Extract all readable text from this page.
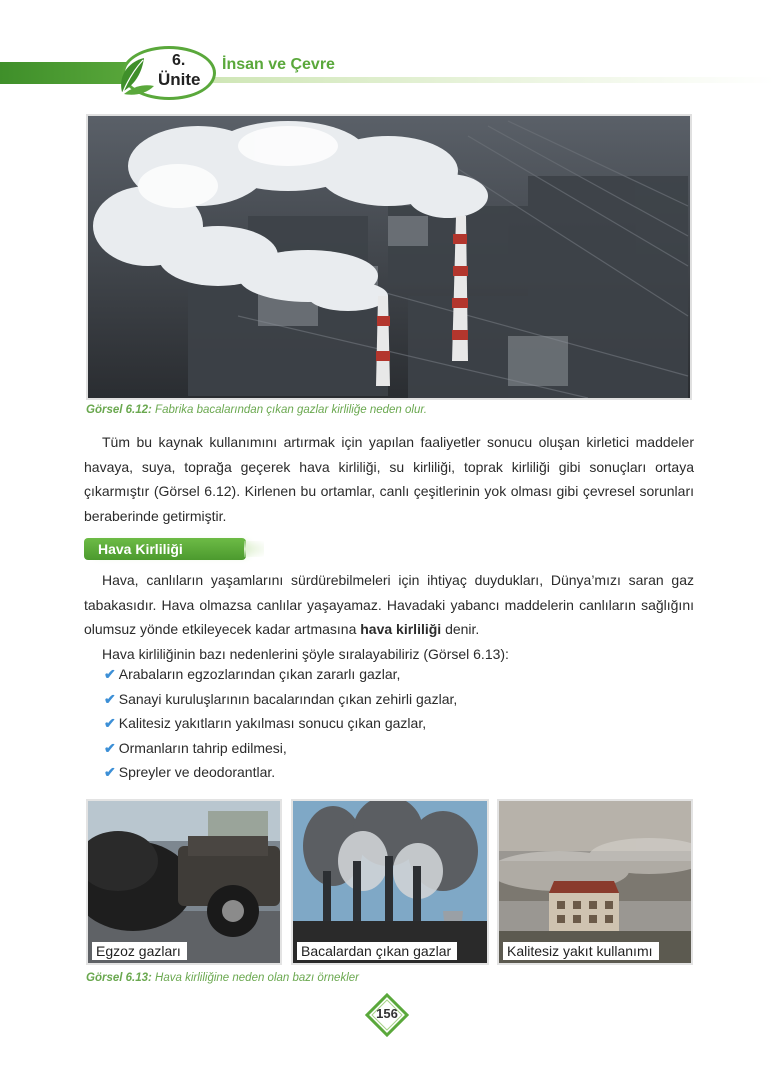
6.
Ünite
İnsan ve Çevre
Görsel 6.12: Fabrika bacalarından çıkan gazlar kirliliğe neden olur.

Tüm bu kaynak kullanımını artırmak için yapılan faaliyetler sonucu oluşan kirletici maddeler havaya, suya, toprağa geçerek hava kirliliği, su kirliliği, toprak kirliliği gibi sonuçları ortaya çıkarmıştır (Görsel 6.12). Kirlenen bu ortamlar, canlı çeşitlerinin yok olması gibi çevresel sorunları beraberinde getirmiştir.

Hava Kirliliği

Hava, canlıların yaşamlarını sürdürebilmeleri için ihtiyaç duydukları, Dünya’mızı saran gaz tabakasıdır. Hava olmazsa canlılar yaşayamaz. Havadaki yabancı maddelerin canlıların sağlığını olumsuz yönde etkileyecek kadar artmasına hava kirliliği denir.

Hava kirliliğinin bazı nedenlerini şöyle sıralayabiliriz (Görsel 6.13):

✔ Arabaların egzozlarından çıkan zararlı gazlar,
✔ Sanayi kuruluşlarının bacalarından çıkan zehirli gazlar,
✔ Kalitesiz yakıtların yakılması sonucu çıkan gazlar,
✔ Ormanların tahrip edilmesi,
✔ Spreyler ve deodorantlar.
Egzoz gazları	Bacalardan çıkan gazlar	Kalitesiz yakıt kullanımı
Görsel 6.13: Hava kirliliğine neden olan bazı örnekler
156
